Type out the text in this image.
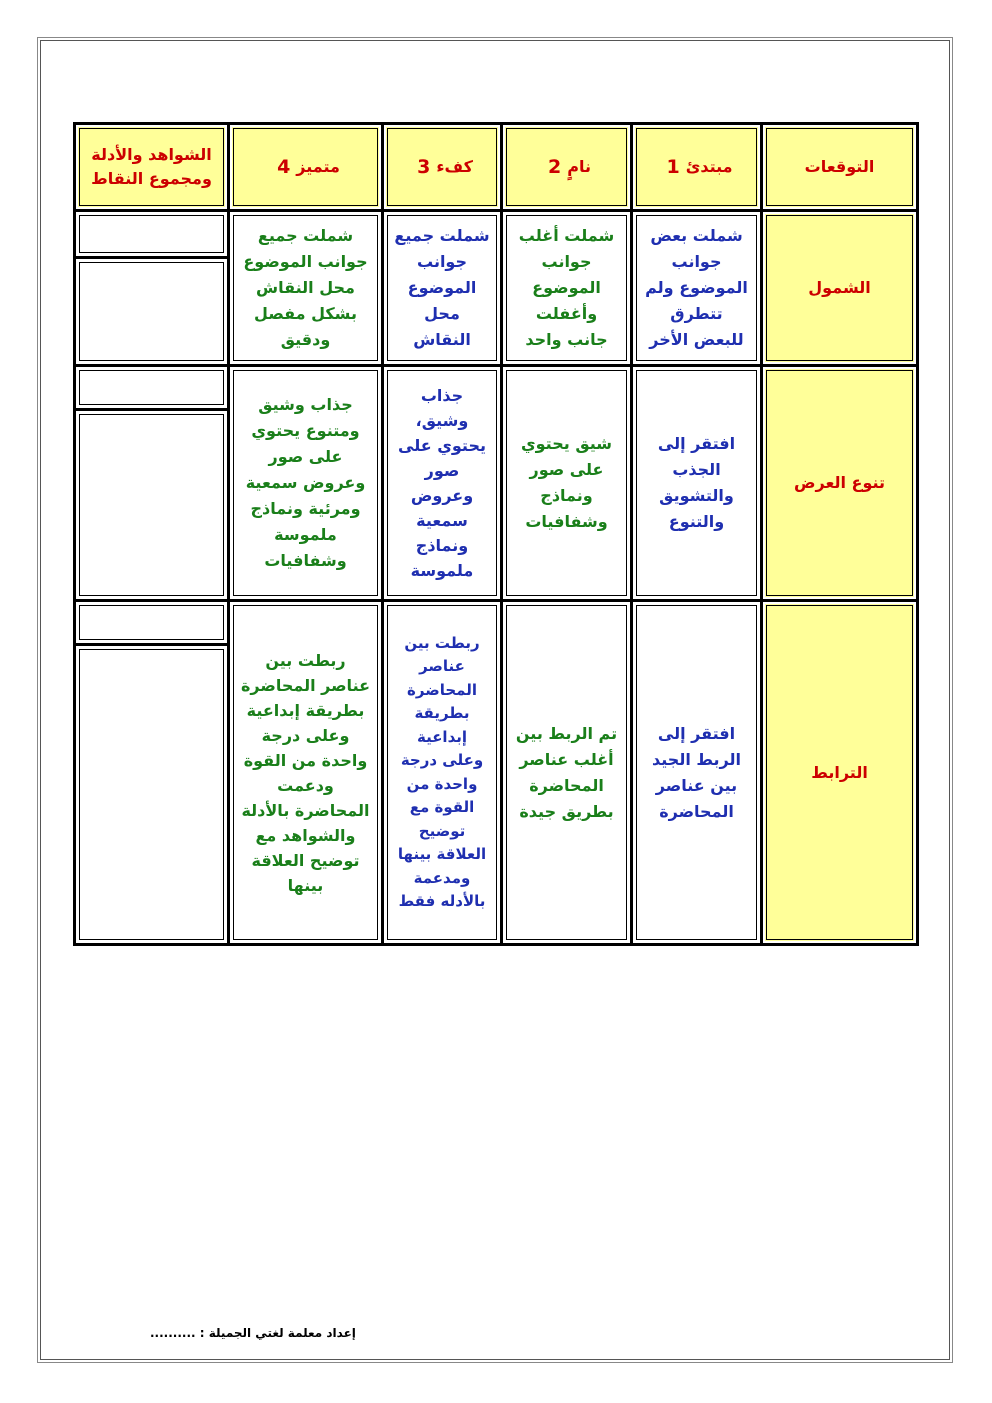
التوقعات
مبتدئ
1
نامٍ
2
كفء
3
متميز
4
الشواهد والأدلة ومجموع النقاط
الشمول
شملت بعض جوانب الموضوع ولم تتطرق للبعض الأخر
شملت أغلب جوانب الموضوع وأغفلت جانب واحد
شملت جميع جوانب الموضوع محل النقاش
شملت جميع جوانب الموضوع محل النقاش بشكل مفصل ودقيق
تنوع العرض
افتقر إلى الجذب والتشويق والتنوع
شيق يحتوي على صور ونماذج وشفافيات
جذاب وشيق، يحتوي على صور وعروض سمعية ونماذج ملموسة
جذاب وشيق ومتنوع يحتوي على صور وعروض سمعية ومرئية ونماذج ملموسة وشفافيات
الترابط
افتقر إلى الربط الجيد بين عناصر المحاضرة
تم الربط بين أغلب عناصر المحاضرة بطريق جيدة
ربطت بين عناصر المحاضرة بطريقة إبداعية وعلى درجة واحدة من القوة مع توضيح العلاقة بينها ومدعمة بالأدله فقط
ربطت بين عناصر المحاضرة بطريقة إبداعية وعلى درجة واحدة من القوة ودعمت المحاضرة بالأدلة والشواهد مع توضيح العلاقة بينها
إعداد معلمة لغتي الجميلة : ..........
